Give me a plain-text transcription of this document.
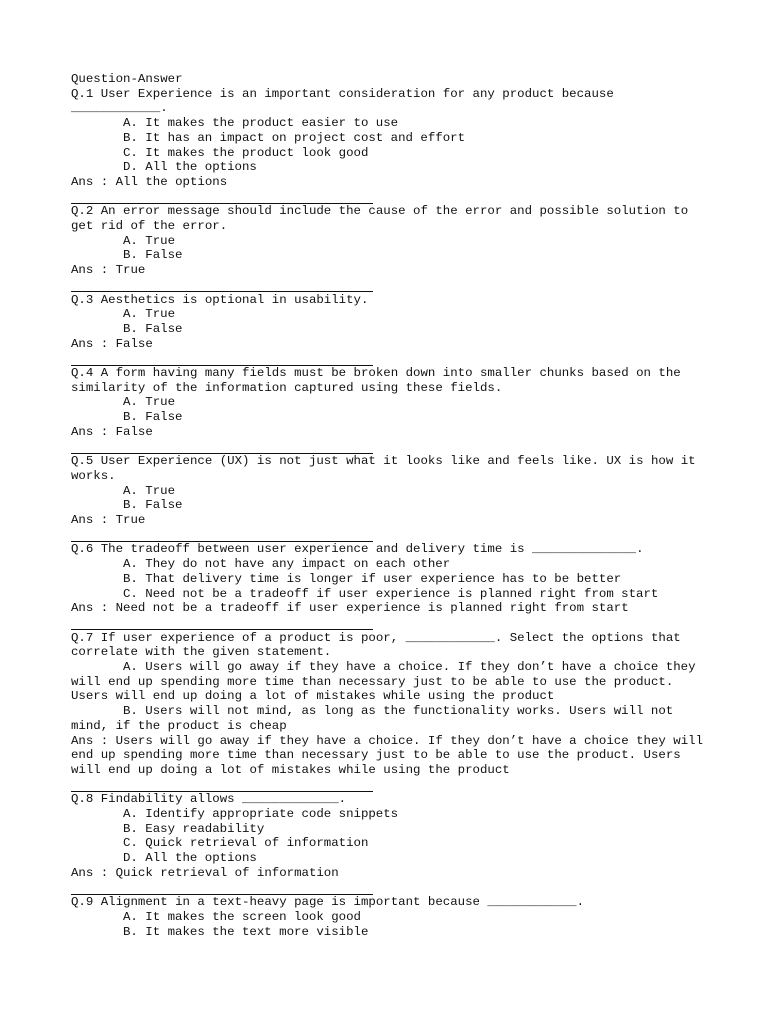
Question-Answer
Q.1 User Experience is an important consideration for any product because ____________.
A. It makes the product easier to use
B. It has an impact on project cost and effort
C. It makes the product look good
D. All the options
Ans : All the options
Q.2 An error message should include the cause of the error and possible solution to get rid of the error.
A. True
B. False
Ans : True
Q.3 Aesthetics is optional in usability.
A. True
B. False
Ans : False
Q.4 A form having many fields must be broken down into smaller chunks based on the similarity of the information captured using these fields.
A. True
B. False
Ans : False
Q.5 User Experience (UX) is not just what it looks like and feels like. UX is how it works.
A. True
B. False
Ans : True
Q.6 The tradeoff between user experience and delivery time is ______________.
A. They do not have any impact on each other
B. That delivery time is longer if user experience has to be better
C. Need not be a tradeoff if user experience is planned right from start
Ans : Need not be a tradeoff if user experience is planned right from start
Q.7 If user experience of a product is poor, ____________. Select the options that correlate with the given statement.
A. Users will go away if they have a choice. If they don’t have a choice they will end up spending more time than necessary just to be able to use the product. Users will end up doing a lot of mistakes while using the product
B. Users will not mind, as long as the functionality works. Users will not mind, if the product is cheap
Ans : Users will go away if they have a choice. If they don’t have a choice they will end up spending more time than necessary just to be able to use the product. Users will end up doing a lot of mistakes while using the product
Q.8 Findability allows _____________.
A. Identify appropriate code snippets
B. Easy readability
C. Quick retrieval of information
D. All the options
Ans : Quick retrieval of information
Q.9 Alignment in a text-heavy page is important because ____________.
A. It makes the screen look good
B. It makes the text more visible
